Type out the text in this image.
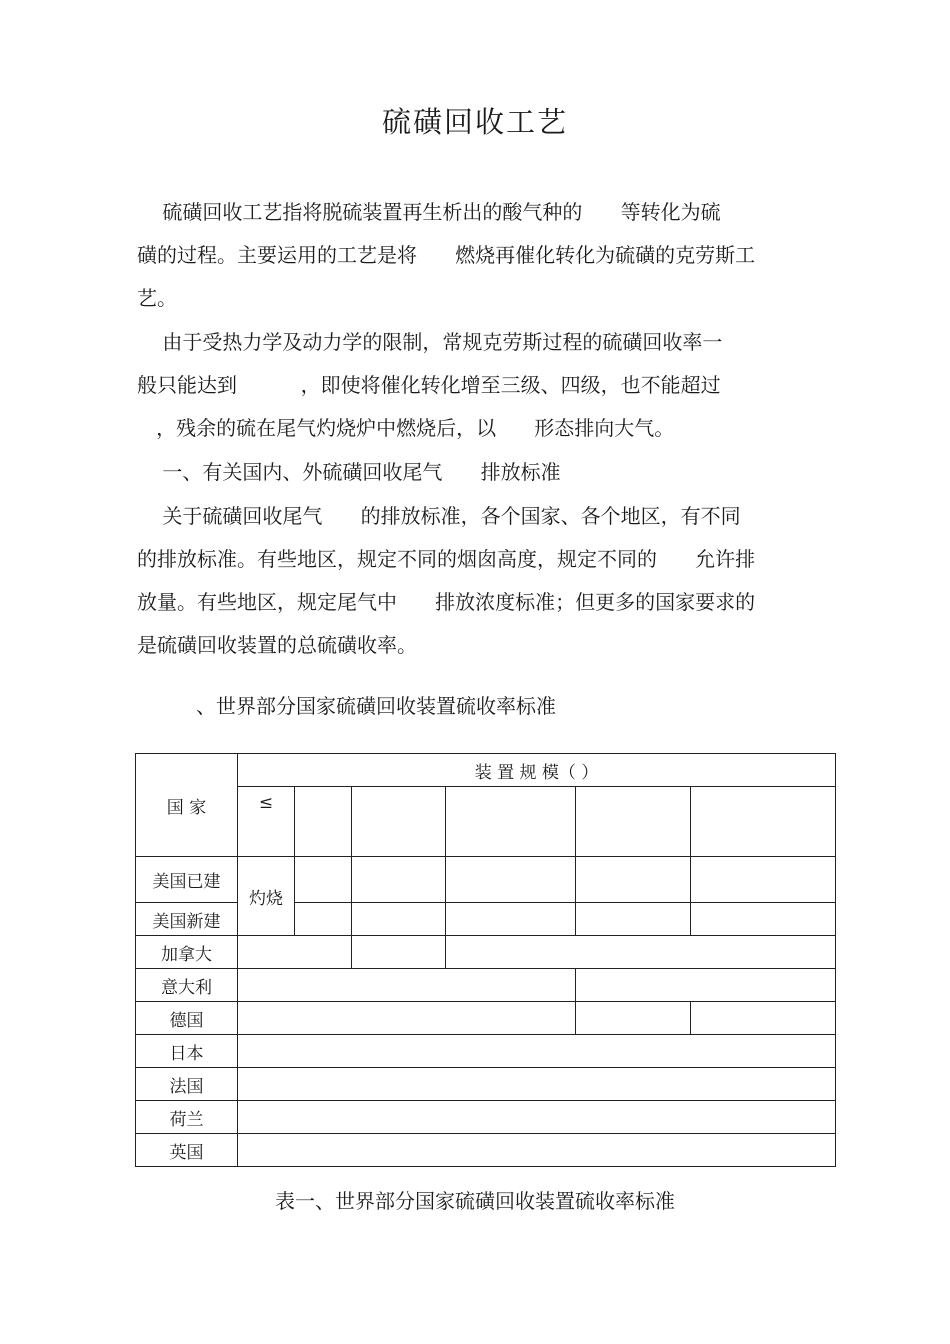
硫磺回收工艺
硫磺回收工艺指将脱硫装置再生析出的酸气种的      等转化为硫
磺的过程。主要运用的工艺是将      燃烧再催化转化为硫磺的克劳斯工
艺。
由于受热力学及动力学的限制，常规克劳斯过程的硫磺回收率一
般只能达到          ，即使将催化转化增至三级、四级，也不能超过
，残余的硫在尾气灼烧炉中燃烧后，以      形态排向大气。
一、有关国内、外硫磺回收尾气      排放标准
关于硫磺回收尾气      的排放标准，各个国家、各个地区，有不同
的排放标准。有些地区，规定不同的烟囱高度，规定不同的      允许排
放量。有些地区，规定尾气中      排放浓度标准；但更多的国家要求的
是硫磺回收装置的总硫磺收率。
、世界部分国家硫磺回收装置硫收率标准
国 家	装 置 规 模（ ）					
	≤					
美国已建	灼烧					
美国新建						
加拿大						
意大利						
德国						
日本						
法国						
荷兰						
英国						
表一、世界部分国家硫磺回收装置硫收率标准
